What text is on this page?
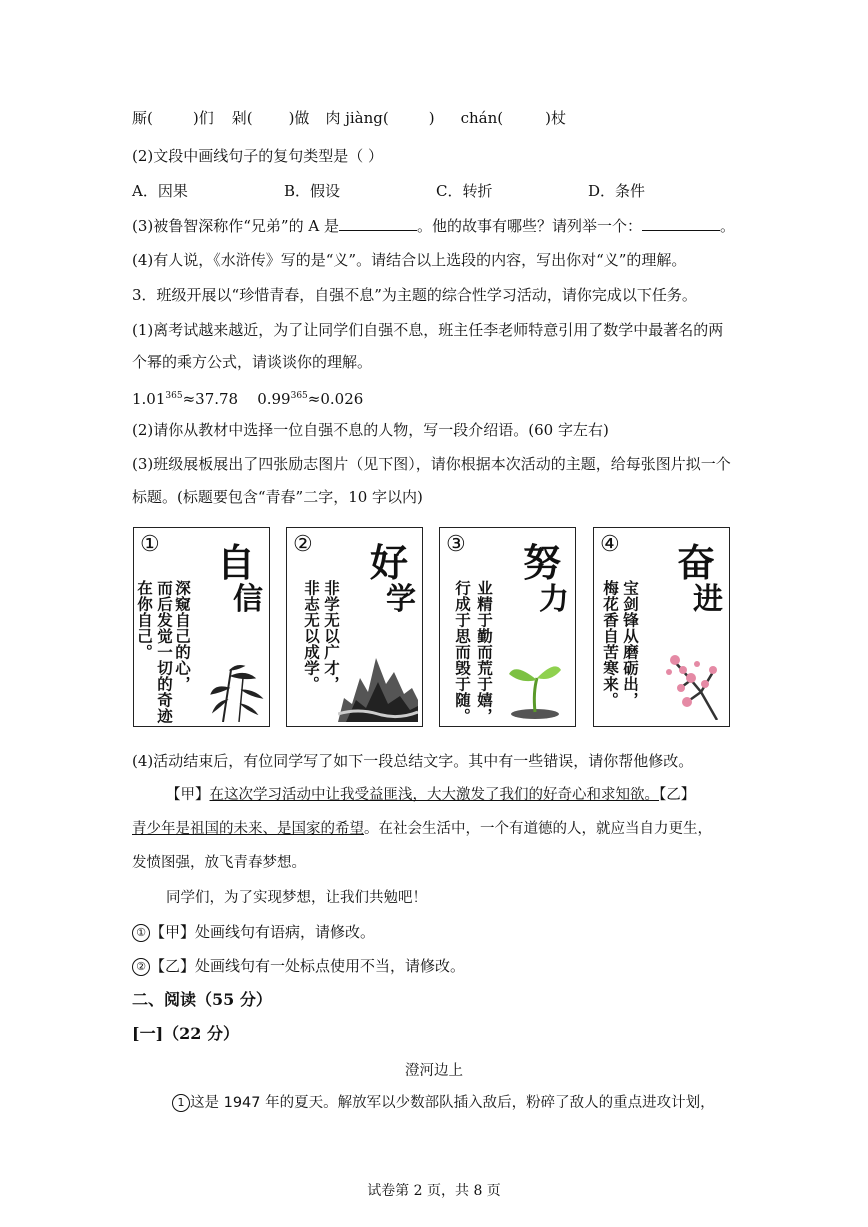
厮(	)们 剁( )做 肉 jiàng(	) chán(	)杖
(2)文段中画线句子的复句类型是（ ）
A．因果	B．假设	C．转折	D．条件
(3)被鲁智深称作“兄弟”的 A 是	。他的故事有哪些？请列举一个：	。
(4)有人说，《水浒传》写的是“义”。请结合以上选段的内容，写出你对“义”的理解。
3．班级开展以“珍惜青春，自强不息”为主题的综合性学习活动，请你完成以下任务。
(1)离考试越来越近，为了让同学们自强不息，班主任李老师特意引用了数学中最著名的两
个幂的乘方公式，请谈谈你的理解。
$1.01^{365}\approx 37.78$ $0.99^{365}\approx 0.026$
(2)请你从教材中选择一位自强不息的人物，写一段介绍语。(60 字左右)
(3)班级展板展出了四张励志图片（见下图），请你根据本次活动的主题，给每张图片拟一个
标题。(标题要包含“青春”二字，10 字以内)
① 自
信
深窥自己的心，
而后发觉一切的奇迹
在你自己。
② 好
学
非学无以广才，
非志无以成学。
③ 努
力
业精于勤而荒于嬉，
行成于思而毁于随。
④ 奋
进
宝剑锋从磨砺出，
梅花香自苦寒来。
(4)活动结束后，有位同学写了如下一段总结文字。其中有一些错误，请你帮他修改。
【甲】在这次学习活动中让我受益匪浅，大大激发了我们的好奇心和求知欲。【乙】
青少年是祖国的未来、是国家的希望。在社会生活中，一个有道德的人，就应当自力更生，
发愤图强，放飞青春梦想。
同学们，为了实现梦想，让我们共勉吧！
① 【甲】处画线句有语病，请修改。
② 【乙】处画线句有一处标点使用不当，请修改。
二、阅读（55 分）
[一]（22 分）
澄河边上
1 这是 1947 年的夏天。解放军以少数部队插入敌后，粉碎了敌人的重点进攻计划，
试卷第 2 页，共 8 页
